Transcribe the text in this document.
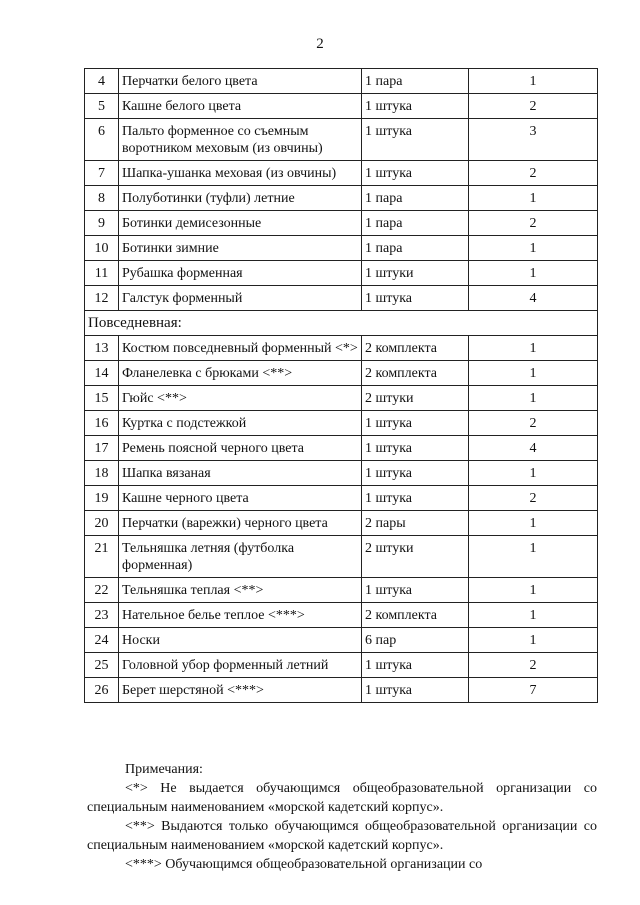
2
4	Перчатки белого цвета	1 пара	1
5	Кашне белого цвета	1 штука	2
6	Пальто форменное со съемным воротником меховым (из овчины)	1 штука	3
7	Шапка-ушанка меховая (из овчины)	1 штука	2
8	Полуботинки (туфли) летние	1 пара	1
9	Ботинки демисезонные	1 пара	2
10	Ботинки зимние	1 пара	1
11	Рубашка форменная	1 штуки	1
12	Галстук форменный	1 штука	4
Повседневная:			
13	Костюм повседневный форменный <*>	2 комплекта	1
14	Фланелевка с брюками <**>	2 комплекта	1
15	Гюйс <**>	2 штуки	1
16	Куртка с подстежкой	1 штука	2
17	Ремень поясной черного цвета	1 штука	4
18	Шапка вязаная	1 штука	1
19	Кашне черного цвета	1 штука	2
20	Перчатки (варежки) черного цвета	2 пары	1
21	Тельняшка летняя (футболка форменная)	2 штуки	1
22	Тельняшка теплая <**>	1 штука	1
23	Нательное белье теплое <***>	2 комплекта	1
24	Носки	6 пар	1
25	Головной убор форменный летний	1 штука	2
26	Берет шерстяной <***>	1 штука	7

Примечания:

<*> Не выдается обучающимся общеобразовательной организации со специальным наименованием «морской кадетский корпус».

<**> Выдаются только обучающимся общеобразовательной организации со специальным наименованием «морской кадетский корпус».

<***> Обучающимся общеобразовательной организации со
